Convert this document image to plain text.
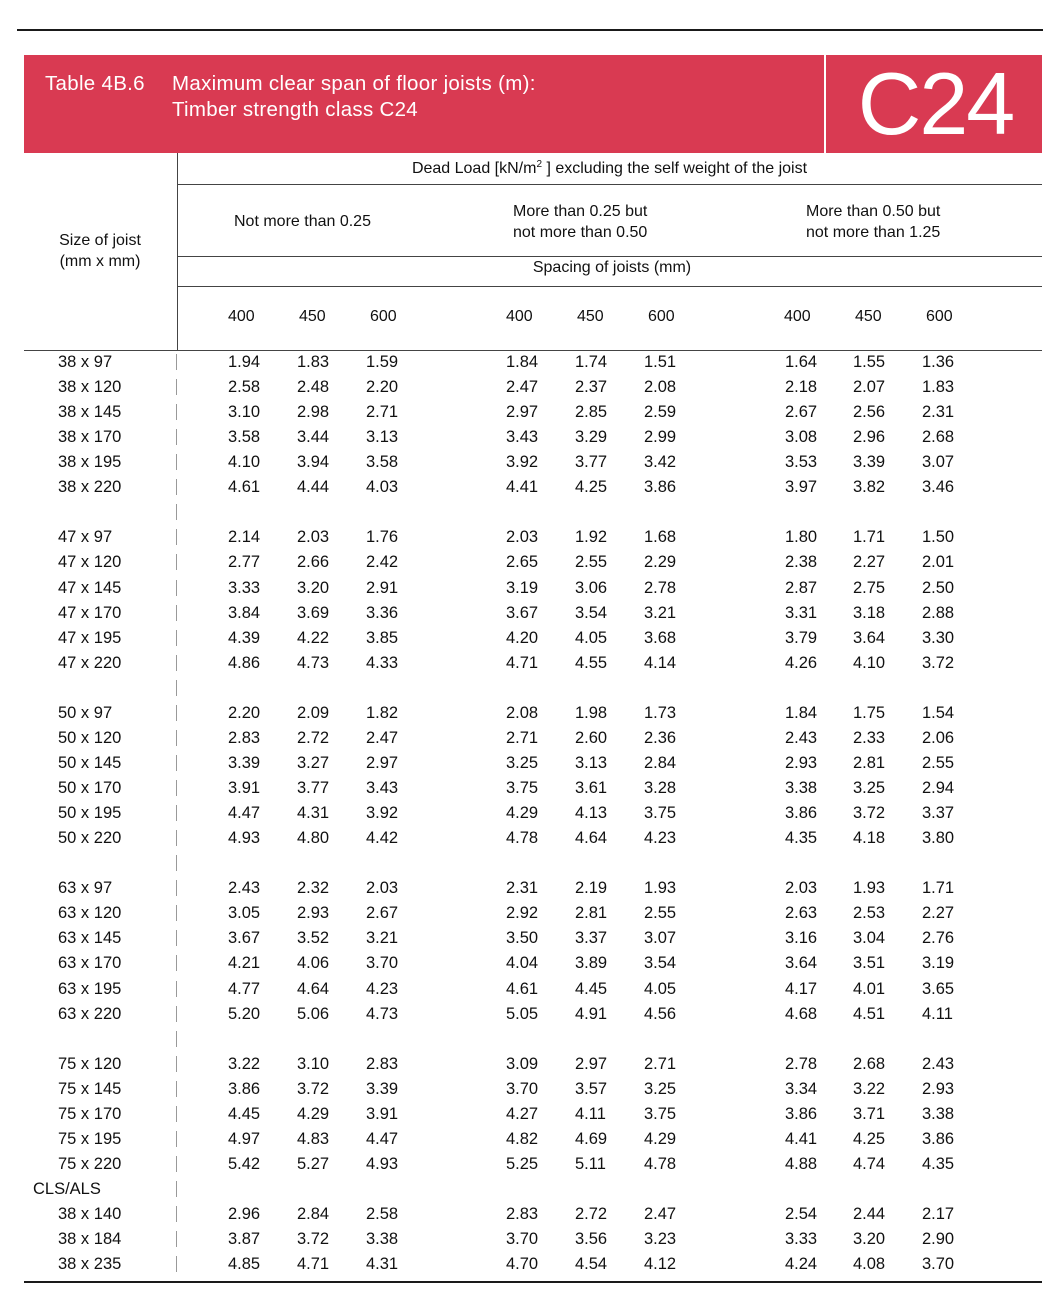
Table 4B.6	Maximum clear span of floor joists (m):
Timber strength class C24	C24
Size of joist
(mm x mm)
Dead Load [$kN/m^2$ ] excluding the self weight of the joist
Not more than 0.25
More than 0.25 but
not more than 0.50
More than 0.50 but
not more than 1.25
Spacing of joists (mm)
400	450	600	400	450	600	400	450	600
38 x 97	1.94 1.83 1.59	1.84 1.74 1.51	1.64 1.55 1.36
38 x 120	2.58 2.48 2.20	2.47 2.37 2.08	2.18 2.07 1.83
38 x 145	3.10 2.98 2.71	2.97 2.85 2.59	2.67 2.56 2.31
38 x 170	3.58 3.44 3.13	3.43 3.29 2.99	3.08 2.96 2.68
38 x 195	4.10 3.94 3.58	3.92 3.77 3.42	3.53 3.39 3.07
38 x 220	4.61 4.44 4.03	4.41 4.25 3.86	3.97 3.82 3.46
47 x 97	2.14 2.03 1.76	2.03 1.92 1.68	1.80 1.71 1.50
47 x 120	2.77 2.66 2.42	2.65 2.55 2.29	2.38 2.27 2.01
47 x 145	3.33 3.20 2.91	3.19 3.06 2.78	2.87 2.75 2.50
47 x 170	3.84 3.69 3.36	3.67 3.54 3.21	3.31 3.18 2.88
47 x 195	4.39 4.22 3.85	4.20 4.05 3.68	3.79 3.64 3.30
47 x 220	4.86 4.73 4.33	4.71 4.55 4.14	4.26 4.10 3.72
50 x 97	2.20 2.09 1.82	2.08 1.98 1.73	1.84 1.75 1.54
50 x 120	2.83 2.72 2.47	2.71 2.60 2.36	2.43 2.33 2.06
50 x 145	3.39 3.27 2.97	3.25 3.13 2.84	2.93 2.81 2.55
50 x 170	3.91 3.77 3.43	3.75 3.61 3.28	3.38 3.25 2.94
50 x 195	4.47 4.31 3.92	4.29 4.13 3.75	3.86 3.72 3.37
50 x 220	4.93 4.80 4.42	4.78 4.64 4.23	4.35 4.18 3.80
63 x 97	2.43 2.32 2.03	2.31 2.19 1.93	2.03 1.93 1.71
63 x 120	3.05 2.93 2.67	2.92 2.81 2.55	2.63 2.53 2.27
63 x 145	3.67 3.52 3.21	3.50 3.37 3.07	3.16 3.04 2.76
63 x 170	4.21 4.06 3.70	4.04 3.89 3.54	3.64 3.51 3.19
63 x 195	4.77 4.64 4.23	4.61 4.45 4.05	4.17 4.01 3.65
63 x 220	5.20 5.06 4.73	5.05 4.91 4.56	4.68 4.51 4.11
75 x 120	3.22 3.10 2.83	3.09 2.97 2.71	2.78 2.68 2.43
75 x 145	3.86 3.72 3.39	3.70 3.57 3.25	3.34 3.22 2.93
75 x 170	4.45 4.29 3.91	4.27 4.11 3.75	3.86 3.71 3.38
75 x 195	4.97 4.83 4.47	4.82 4.69 4.29	4.41 4.25 3.86
75 x 220	5.42 5.27 4.93	5.25 5.11 4.78	4.88 4.74 4.35
CLS/ALS
38 x 140	2.96 2.84 2.58	2.83 2.72 2.47	2.54 2.44 2.17
38 x 184	3.87 3.72 3.38	3.70 3.56 3.23	3.33 3.20 2.90
38 x 235	4.85 4.71 4.31	4.70 4.54 4.12	4.24 4.08 3.70
